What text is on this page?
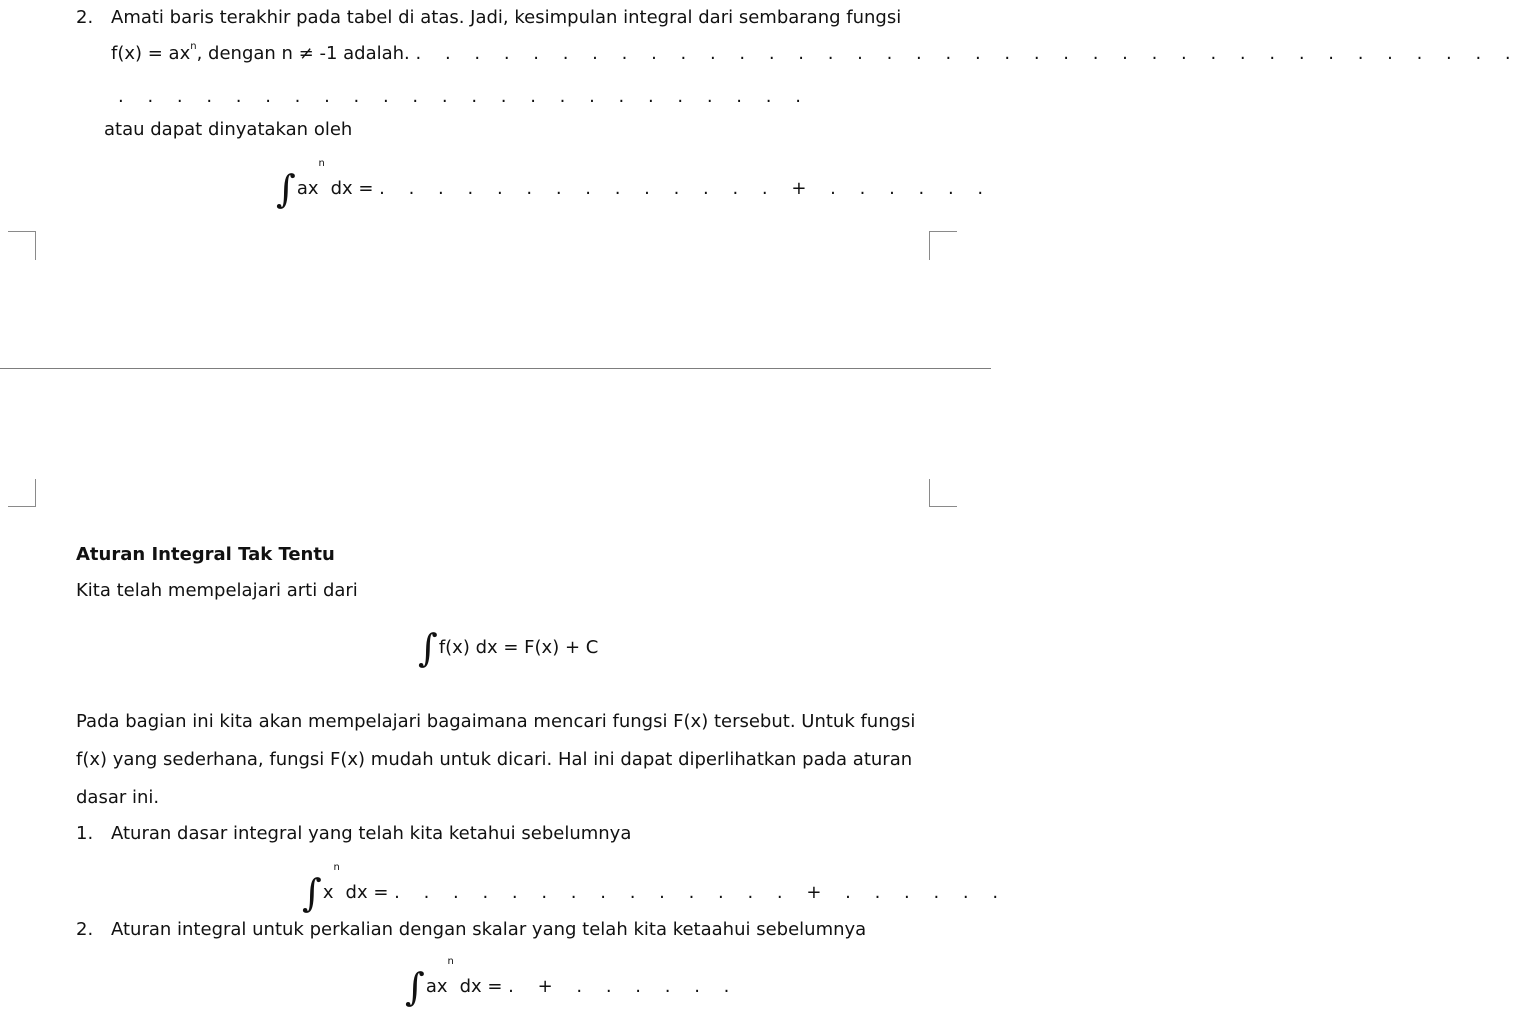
2. Amati baris terakhir pada tabel di atas. Jadi, kesimpulan integral dari sembarang fungsi
$f(x) = ax^n$, dengan n ≠ -1 adalah. . . . . . . . . . . . . . . . . . . . . . . . . . . . . . . . . . . . . . .
. . . . . . . . . . . . . . . . . . . . . . . .
atau dapat dinyatakan oleh
$\int ax^n$ dx = . . . . . . . . . . . . . . + . . . . . .
Aturan Integral Tak Tentu
Kita telah mempelajari arti dari
∫f(x) dx = F(x) + C
Pada bagian ini kita akan mempelajari bagaimana mencari fungsi F(x) tersebut. Untuk fungsi
f(x) yang sederhana, fungsi F(x) mudah untuk dicari. Hal ini dapat diperlihatkan pada aturan
dasar ini.
1. Aturan dasar integral yang telah kita ketahui sebelumnya
$\int x^n$ dx = . . . . . . . . . . . . . . + . . . . . .
2. Aturan integral untuk perkalian dengan skalar yang telah kita ketaahui sebelumnya
$\int ax^n$ dx = . + . . . . . .
